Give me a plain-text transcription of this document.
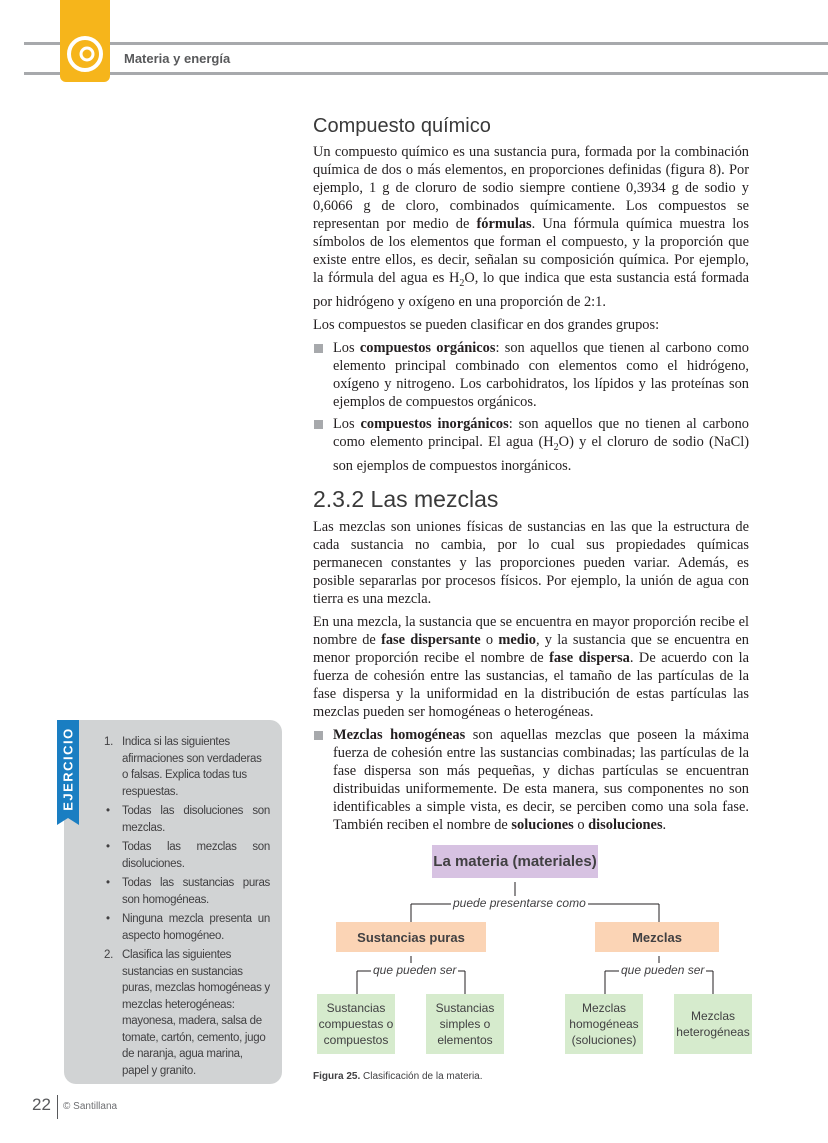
Materia y energía
Compuesto químico

Un compuesto químico es una sustancia pura, formada por la combinación química de dos o más elementos, en proporciones definidas (figura 8). Por ejemplo, 1 g de cloruro de sodio siempre contiene 0,3934 g de sodio y 0,6066 g de cloro, combinados químicamente. Los compuestos se representan por medio de fórmulas. Una fórmula química muestra los símbolos de los elementos que forman el compuesto, y la proporción que existe entre ellos, es decir, señalan su composición química. Por ejemplo, la fórmula del agua es $H_2O$, lo que indica que esta sustancia está formada por hidrógeno y oxígeno en una proporción de 2:1.

Los compuestos se pueden clasificar en dos grandes grupos:

Los compuestos orgánicos: son aquellos que tienen al carbono como elemento principal combinado con elementos como el hidrógeno, oxígeno y nitrogeno. Los carbohidratos, los lípidos y las proteínas son ejemplos de compuestos orgánicos.
Los compuestos inorgánicos: son aquellos que no tienen al carbono como elemento principal. El agua $(H_2O)$ y el cloruro de sodio (NaCl) son ejemplos de compuestos inorgánicos.
2.3.2 Las mezclas

Las mezclas son uniones físicas de sustancias en las que la estructura de cada sustancia no cambia, por lo cual sus propiedades químicas permanecen constantes y las proporciones pueden variar. Además, es posible separarlas por procesos físicos. Por ejemplo, la unión de agua con tierra es una mezcla.

En una mezcla, la sustancia que se encuentra en mayor proporción recibe el nombre de fase dispersante o medio, y la sustancia que se encuentra en menor proporción recibe el nombre de fase dispersa. De acuerdo con la fuerza de cohesión entre las sustancias, el tamaño de las partículas de la fase dispersa y la uniformidad en la distribución de estas partículas las mezclas pueden ser homogéneas o heterogéneas.

Mezclas homogéneas son aquellas mezclas que poseen la máxima fuerza de cohesión entre las sustancias combinadas; las partículas de la fase dispersa son más pequeñas, y dichas partículas se encuentran distribuidas uniformemente. De esta manera, sus componentes no son identificables a simple vista, es decir, se perciben como una sola fase. También reciben el nombre de soluciones o disoluciones.
EJERCICIO 1. Indica si las siguientes afirmaciones son verdaderas o falsas. Explica todas tus respuestas.
• Todas las disoluciones son mezclas.
• Todas las mezclas son disoluciones.
• Todas las sustancias puras son homogéneas.
• Ninguna mezcla presenta un aspecto homogéneo.
2. Clasifica las siguientes sustancias en sustancias puras, mezclas homogéneas y mezclas heterogéneas: mayonesa, madera, salsa de tomate, cartón, cemento, jugo de naranja, agua marina, papel y granito.
La materia (materiales)
puede presentarse como
Sustancias puras	Mezclas
que pueden ser	que pueden ser
Sustancias compuestas o compuestos
Sustancias simples o elementos
Mezclas homogéneas (soluciones)
Mezclas heterogéneas
Figura 25. Clasificación de la materia.
22 © Santillana
